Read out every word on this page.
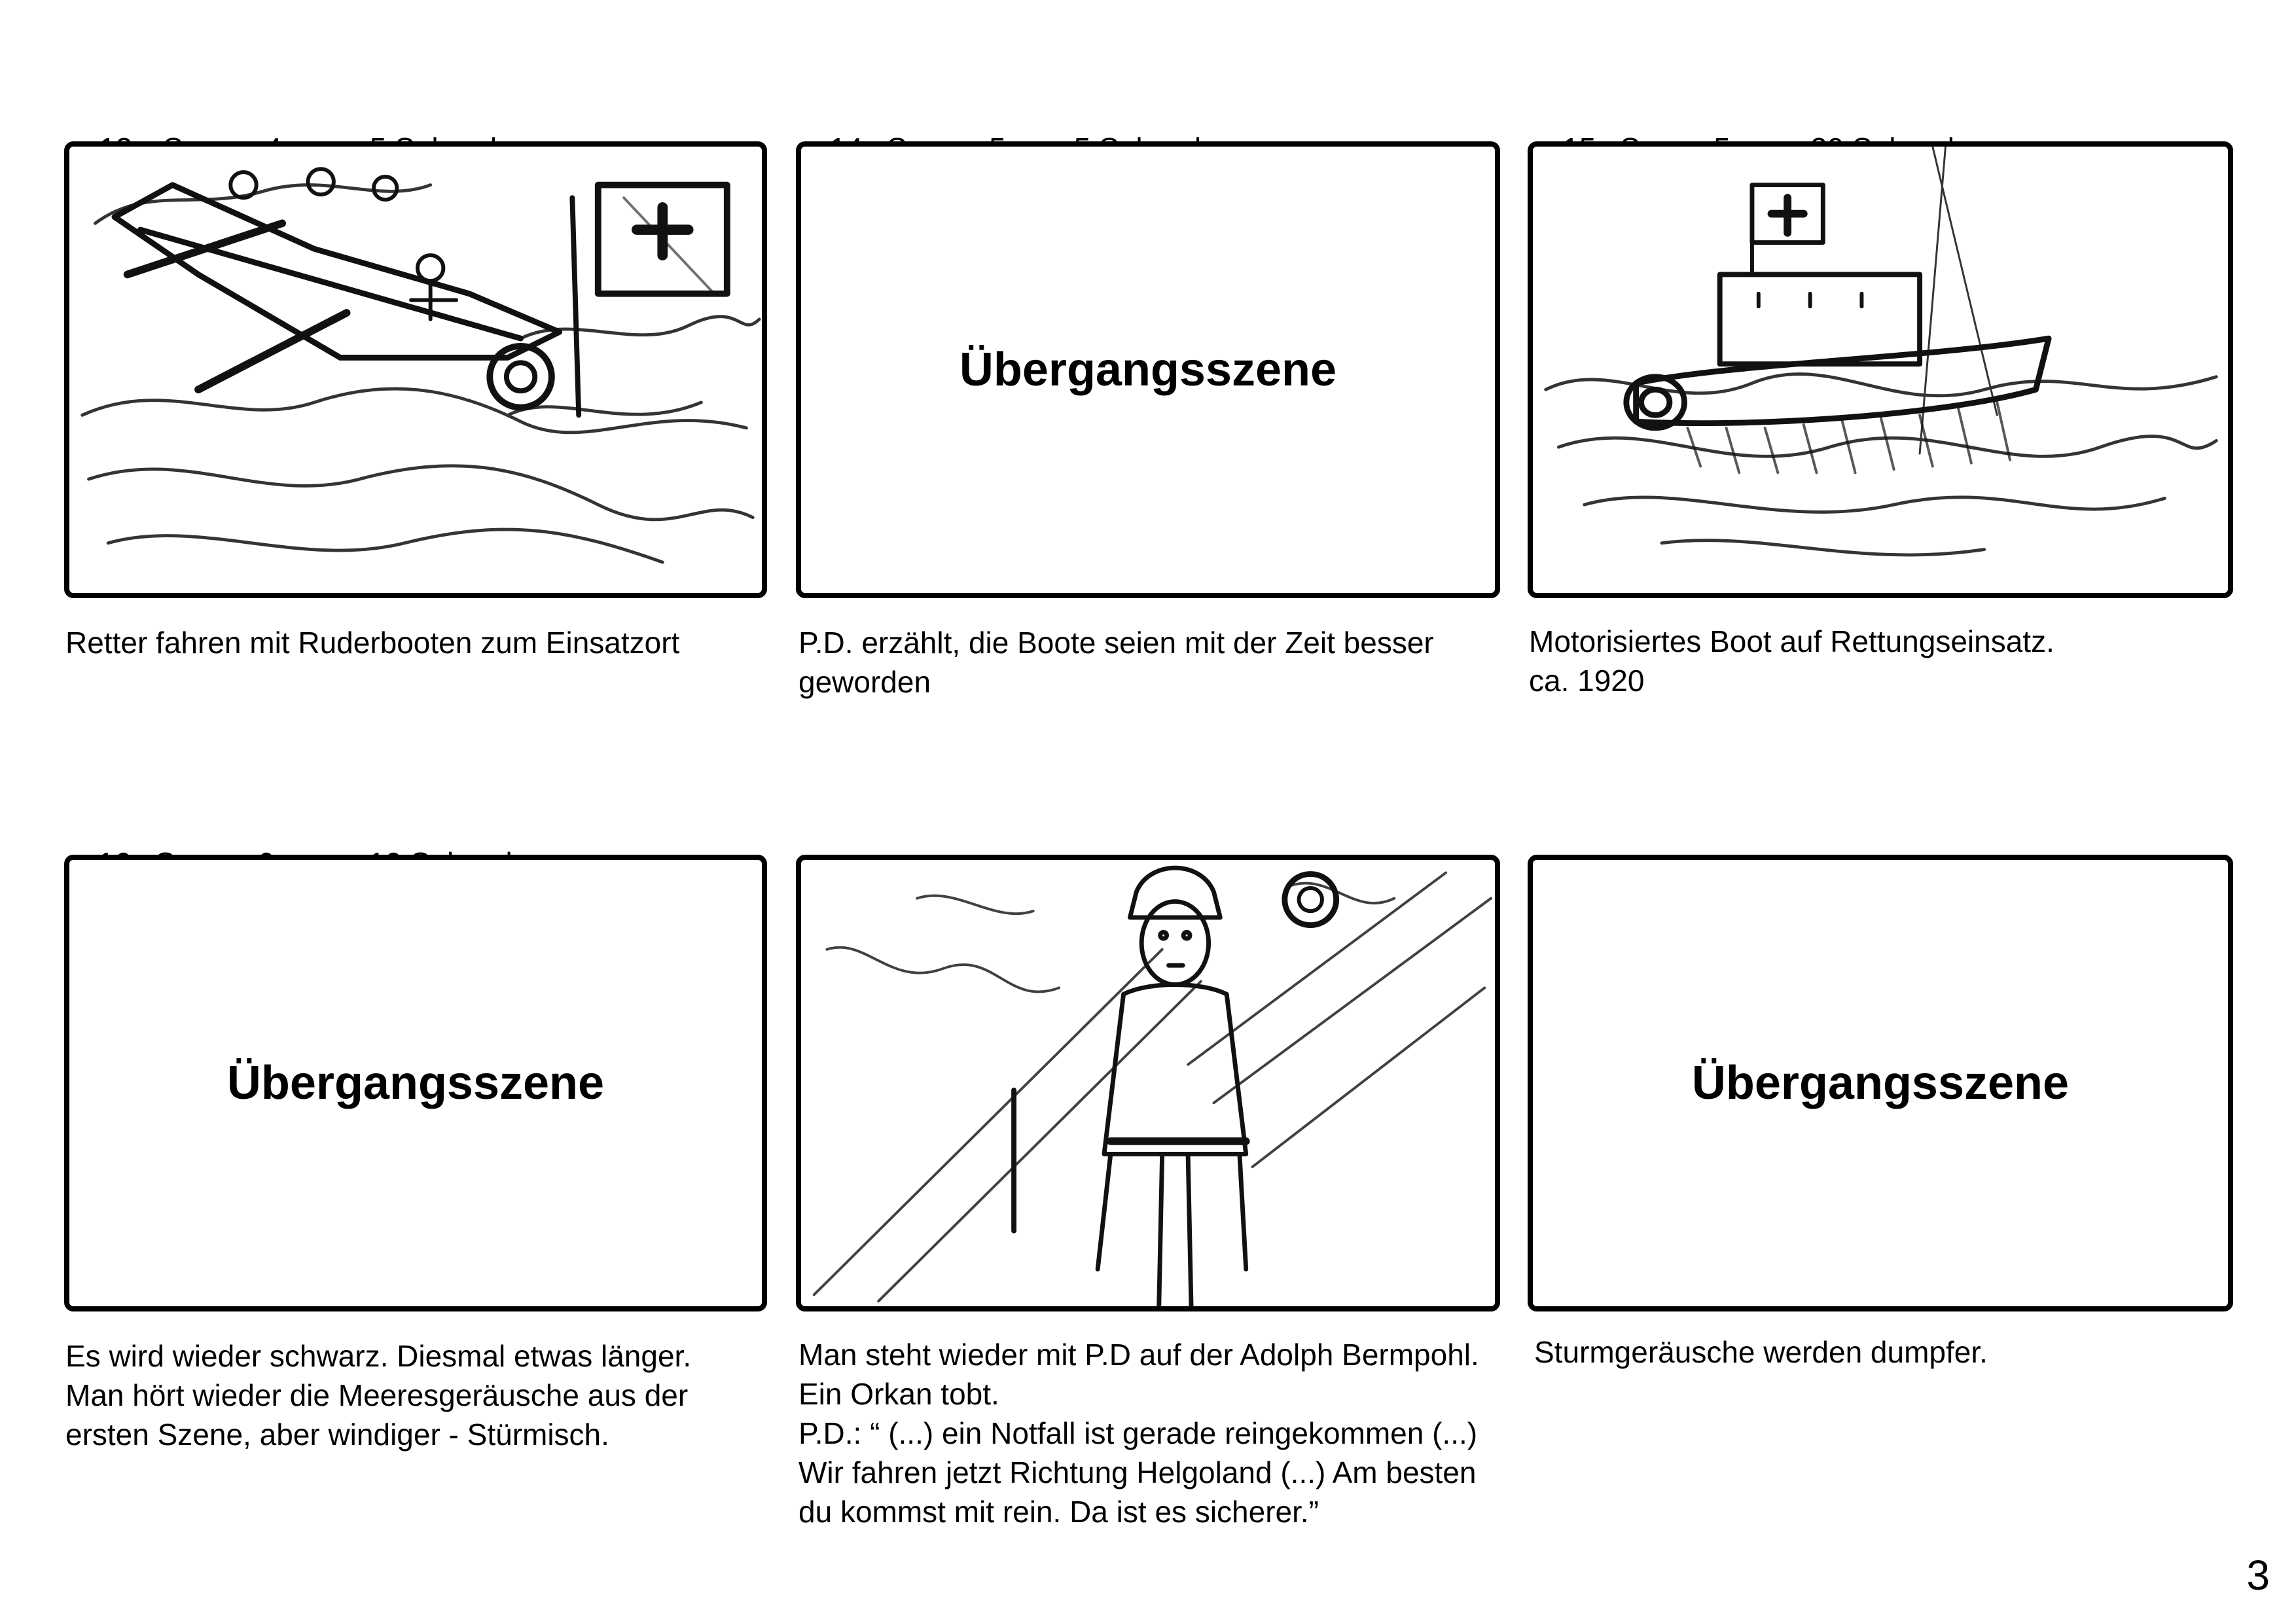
Retter fahren mit Ruderbooten zum Einsatzort

Übergangsszene
P.D. erzählt, die Boote seien mit der Zeit besser
geworden

Motorisiertes Boot auf Rettungseinsatz.
ca. 1920

Übergangsszene
Es wird wieder schwarz. Diesmal etwas länger.
Man hört wieder die Meeresgeräusche aus der
ersten Szene, aber windiger - Stürmisch.

Man steht wieder mit P.D auf der Adolph Bermpohl.
Ein Orkan tobt.
P.D.: “ (...) ein Notfall ist gerade reingekommen (...)
Wir fahren jetzt Richtung Helgoland (...) Am besten
du kommst mit rein. Da ist es sicherer.”

Übergangsszene
Sturmgeräusche werden dumpfer.
3
